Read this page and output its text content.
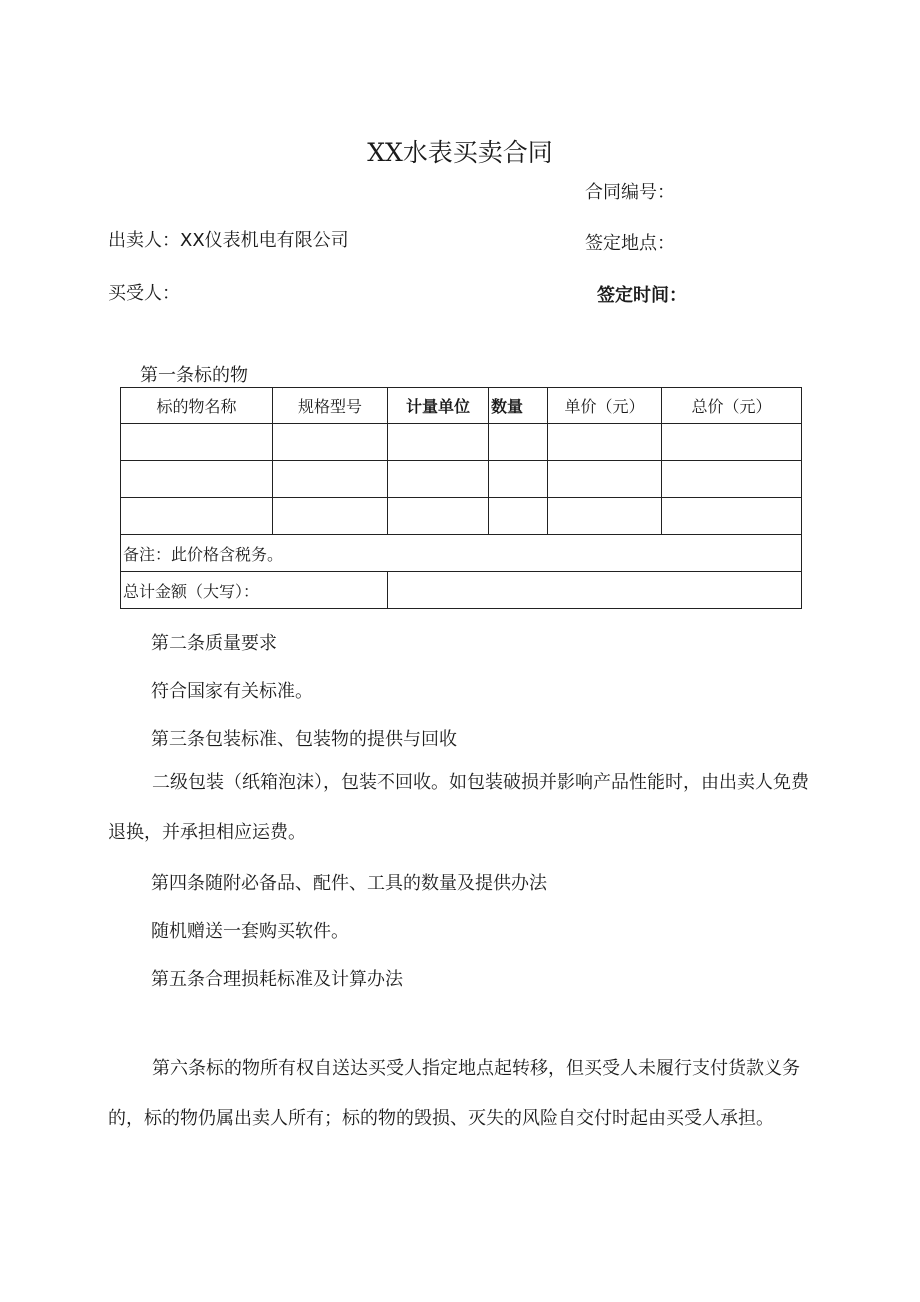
XX水表买卖合同
合同编号：
出卖人：XX仪表机电有限公司	签定地点：
买受人：	签定时间：
第一条标的物
标的物名称	规格型号	计量单位	数量	单价（元）	总价（元）

备注：此价格含税务。					
总计金额（大写）：					
第二条质量要求
符合国家有关标准。
第三条包装标准、包装物的提供与回收
二级包装（纸箱泡沫），包装不回收。如包装破损并影响产品性能时，由出卖人免费退换，并承担相应运费。
第四条随附必备品、配件、工具的数量及提供办法
随机赠送一套购买软件。
第五条合理损耗标准及计算办法
第六条标的物所有权自送达买受人指定地点起转移，但买受人未履行支付货款义务的，标的物仍属出卖人所有；标的物的毁损、灭失的风险自交付时起由买受人承担。
